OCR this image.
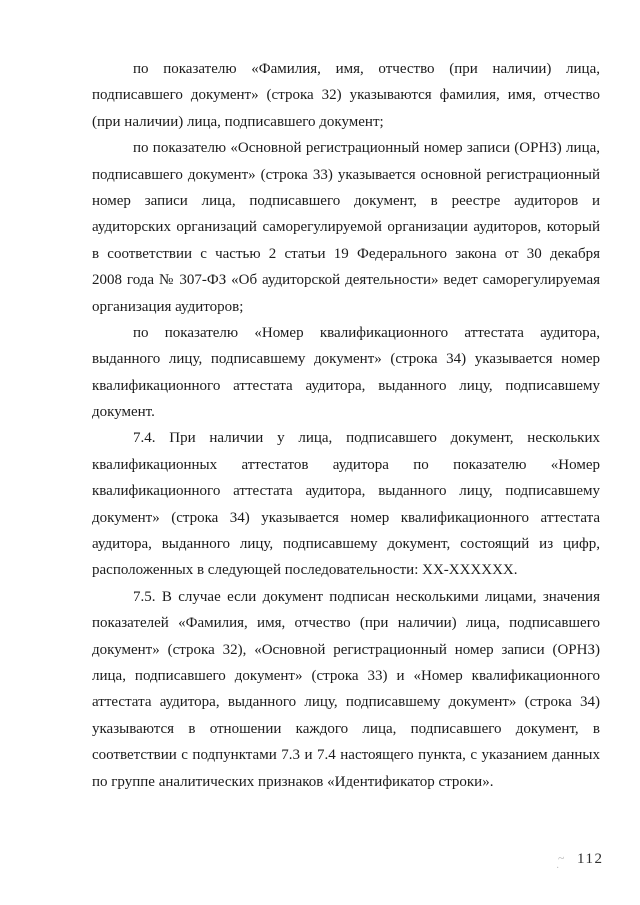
по показателю «Фамилия, имя, отчество (при наличии) лица,
подписавшего документ» (строка 32) указываются фамилия, имя, отчество
(при наличии) лица, подписавшего документ;
по показателю «Основной регистрационный номер записи (ОРНЗ) лица,
подписавшего документ» (строка 33) указывается основной регистрационный
номер записи лица, подписавшего документ, в реестре аудиторов и
аудиторских организаций саморегулируемой организации аудиторов, который
в соответствии с частью 2 статьи 19 Федерального закона от 30 декабря
2008 года № 307-ФЗ «Об аудиторской деятельности» ведет саморегулируемая
организация аудиторов;
по показателю «Номер квалификационного аттестата аудитора,
выданного лицу, подписавшему документ» (строка 34) указывается номер
квалификационного аттестата аудитора, выданного лицу, подписавшему
документ.
7.4. При наличии у лица, подписавшего документ, нескольких
квалификационных аттестатов аудитора по показателю «Номер
квалификационного аттестата аудитора, выданного лицу, подписавшему
документ» (строка 34) указывается номер квалификационного аттестата
аудитора, выданного лицу, подписавшему документ, состоящий из цифр,
расположенных в следующей последовательности: XX-XXXXXX.
7.5. В случае если документ подписан несколькими лицами, значения
показателей «Фамилия, имя, отчество (при наличии) лица, подписавшего
документ» (строка 32), «Основной регистрационный номер записи (ОРНЗ)
лица, подписавшего документ» (строка 33) и «Номер квалификационного
аттестата аудитора, выданного лицу, подписавшему документ» (строка 34)
указываются в отношении каждого лица, подписавшего документ, в
соответствии с подпунктами 7.3 и 7.4 настоящего пункта, с указанием данных
по группе аналитических признаков «Идентификатор строки».
~
·
112
